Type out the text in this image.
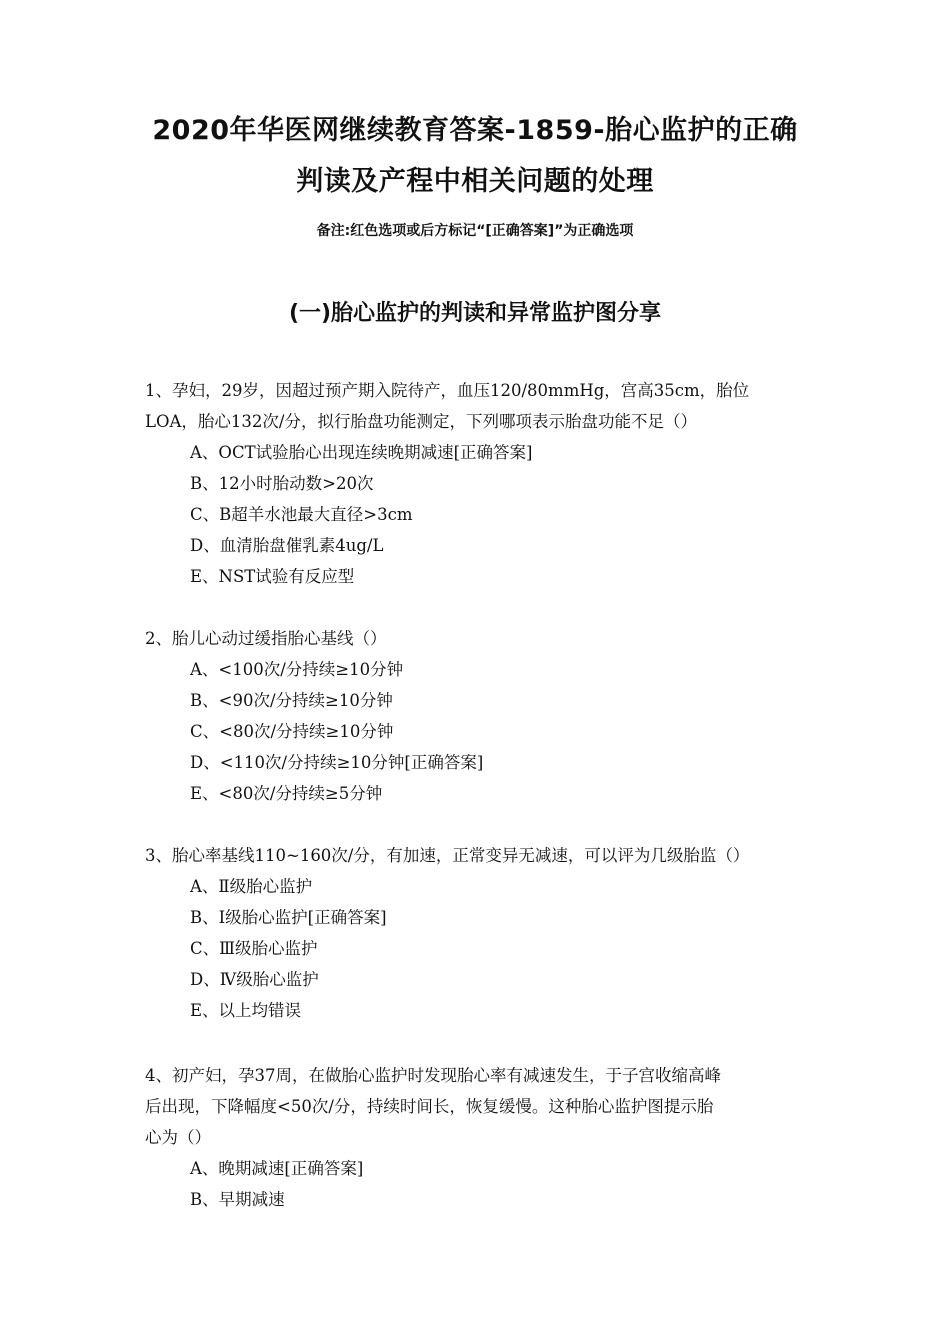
2020年华医网继续教育答案-1859-胎心监护的正确
判读及产程中相关问题的处理
备注:红色选项或后方标记“[正确答案]”为正确选项
(一)胎心监护的判读和异常监护图分享
1、孕妇，29岁，因超过预产期入院待产，血压120/80mmHg，宫高35cm，胎位
LOA，胎心132次/分，拟行胎盘功能测定，下列哪项表示胎盘功能不足（）
A、OCT试验胎心出现连续晚期减速[正确答案]
B、12小时胎动数>20次
C、B超羊水池最大直径>3cm
D、血清胎盘催乳素4ug/L
E、NST试验有反应型
2、胎儿心动过缓指胎心基线（）
A、<100次/分持续≥10分钟
B、<90次/分持续≥10分钟
C、<80次/分持续≥10分钟
D、<110次/分持续≥10分钟[正确答案]
E、<80次/分持续≥5分钟
3、胎心率基线110~160次/分，有加速，正常变异无减速，可以评为几级胎监（）
A、Ⅱ级胎心监护
B、Ⅰ级胎心监护[正确答案]
C、Ⅲ级胎心监护
D、Ⅳ级胎心监护
E、以上均错误
4、初产妇，孕37周，在做胎心监护时发现胎心率有减速发生，于子宫收缩高峰
后出现，下降幅度<50次/分，持续时间长，恢复缓慢。这种胎心监护图提示胎
心为（）
A、晚期减速[正确答案]
B、早期减速
